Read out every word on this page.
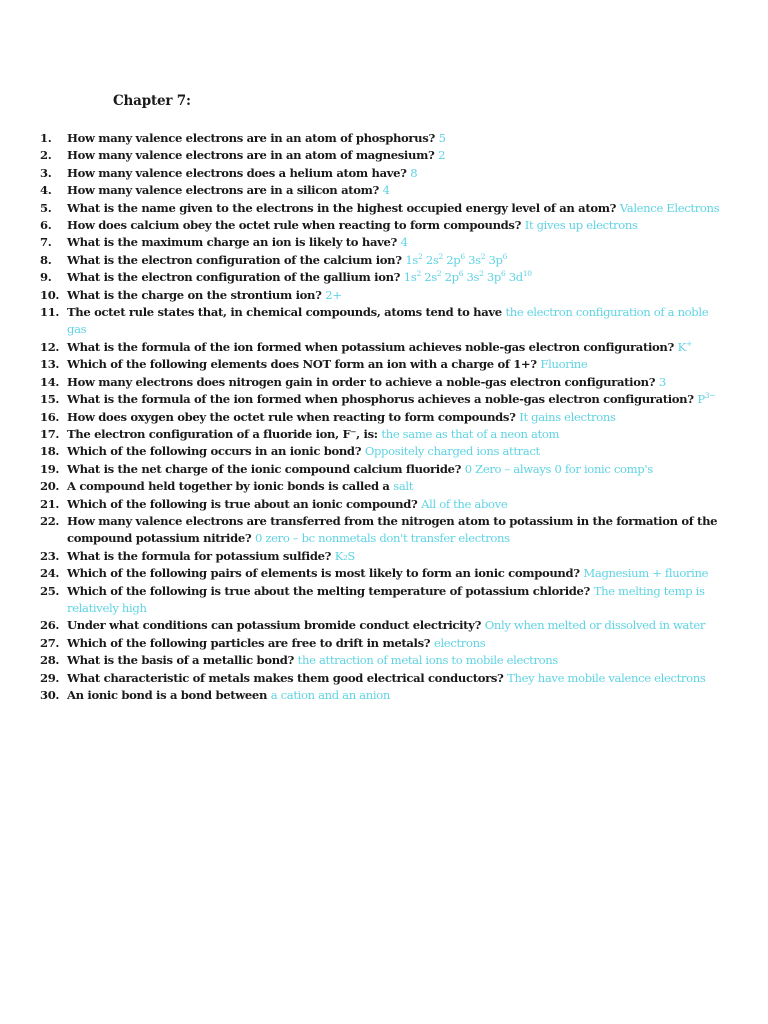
Chapter 7:
1. How many valence electrons are in an atom of phosphorus? 5
2. How many valence electrons are in an atom of magnesium? 2
3. How many valence electrons does a helium atom have? 8
4. How many valence electrons are in a silicon atom? 4
5. What is the name given to the electrons in the highest occupied energy level of an atom? Valence Electrons
6. How does calcium obey the octet rule when reacting to form compounds? It gives up electrons
7. What is the maximum charge an ion is likely to have? 4
8. What is the electron configuration of the calcium ion? $1s^2$ $2s^2$ $2p^6$ $3s^2$ $3p^6$
9. What is the electron configuration of the gallium ion? $1s^2$ $2s^2$ $2p^6$ $3s^2$ $3p^6$ $3d^{10}$
10. What is the charge on the strontium ion? 2+
11. The octet rule states that, in chemical compounds, atoms tend to have the electron configuration of a noble gas
12. What is the formula of the ion formed when potassium achieves noble-gas electron configuration? K+
13. Which of the following elements does NOT form an ion with a charge of 1+? Fluorine
14. How many electrons does nitrogen gain in order to achieve a noble-gas electron configuration? 3
15. What is the formula of the ion formed when phosphorus achieves a noble-gas electron configuration? $P^{3-}$
16. How does oxygen obey the octet rule when reacting to form compounds? It gains electrons
17. The electron configuration of a fluoride ion, F⁻, is: the same as that of a neon atom
18. Which of the following occurs in an ionic bond? Oppositely charged ions attract
19. What is the net charge of the ionic compound calcium fluoride? 0 Zero – always 0 for ionic comp's
20. A compound held together by ionic bonds is called a salt
21. Which of the following is true about an ionic compound? All of the above
22. How many valence electrons are transferred from the nitrogen atom to potassium in the formation of the compound potassium nitride? 0 zero – bc nonmetals don't transfer electrons
23. What is the formula for potassium sulfide? K₂S
24. Which of the following pairs of elements is most likely to form an ionic compound? Magnesium + fluorine
25. Which of the following is true about the melting temperature of potassium chloride? The melting temp is relatively high
26. Under what conditions can potassium bromide conduct electricity? Only when melted or dissolved in water
27. Which of the following particles are free to drift in metals? electrons
28. What is the basis of a metallic bond? the attraction of metal ions to mobile electrons
29. What characteristic of metals makes them good electrical conductors? They have mobile valence electrons
30. An ionic bond is a bond between a cation and an anion
